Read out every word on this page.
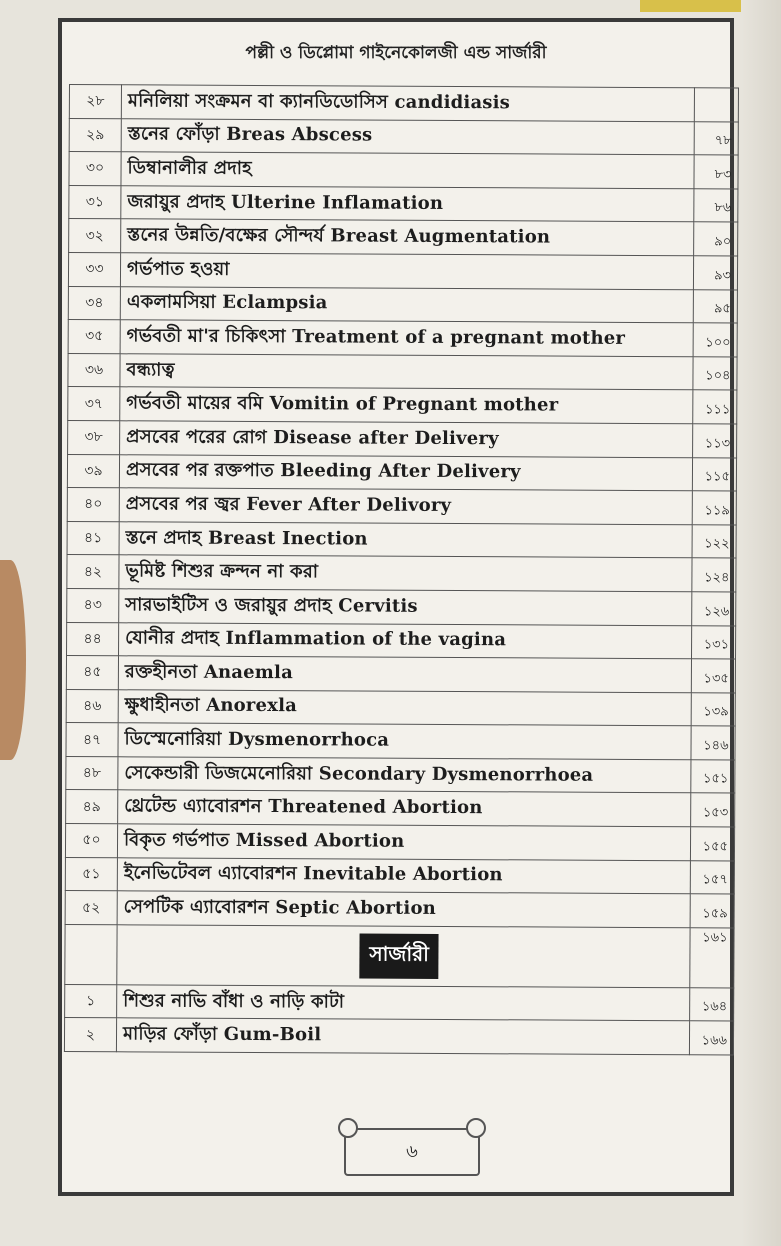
পল্লী ও ডিপ্লোমা গাইনেকোলজী এন্ড সার্জারী
২৮	মনিলিয়া সংক্রমন বা ক্যানডিডোসিস candidiasis	
২৯	স্তনের ফোঁড়া Breas Abscess	৭৮
৩০	ডিম্বানালীর প্রদাহ	৮৩
৩১	জরায়ুর প্রদাহ Ulterine Inflamation	৮৬
৩২	স্তনের উন্নতি/বক্ষের সৌন্দর্য Breast Augmentation	৯০
৩৩	গর্ভপাত হওয়া	৯৩
৩৪	একলামসিয়া Eclampsia	৯৫
৩৫	গর্ভবতী মা'র চিকিৎসা Treatment of a pregnant mother	১০০
৩৬	বন্ধ্যাত্ব	১০৪
৩৭	গর্ভবতী মায়ের বমি Vomitin of Pregnant mother	১১১
৩৮	প্রসবের পরের রোগ Disease after Delivery	১১৩
৩৯	প্রসবের পর রক্তপাত Bleeding After Delivery	১১৫
৪০	প্রসবের পর জ্বর Fever After Delivory	১১৯
৪১	স্তনে প্রদাহ Breast Inection	১২২
৪২	ভূমিষ্ট শিশুর ক্রন্দন না করা	১২৪
৪৩	সারভাইটিস ও জরায়ুর প্রদাহ Cervitis	১২৬
৪৪	যোনীর প্রদাহ Inflammation of the vagina	১৩১
৪৫	রক্তহীনতা Anaemla	১৩৫
৪৬	ক্ষুধাহীনতা Anorexla	১৩৯
৪৭	ডিস্মেনোরিয়া Dysmenorrhoca	১৪৬
৪৮	সেকেন্ডারী ডিজমেনোরিয়া Secondary Dysmenorrhoea	১৫১
৪৯	থ্রেটেন্ড এ্যাবোরশন Threatened Abortion	১৫৩
৫০	বিকৃত গর্ভপাত Missed Abortion	১৫৫
৫১	ইনেভিটেবল এ্যাবোরশন Inevitable Abortion	১৫৭
৫২	সেপটিক এ্যাবোরশন Septic Abortion	১৫৯
	সার্জারী	১৬১
১	শিশুর নাভি বাঁধা ও নাড়ি কাটা	১৬৪
২	মাড়ির ফোঁড়া Gum-Boil	১৬৬
৬
